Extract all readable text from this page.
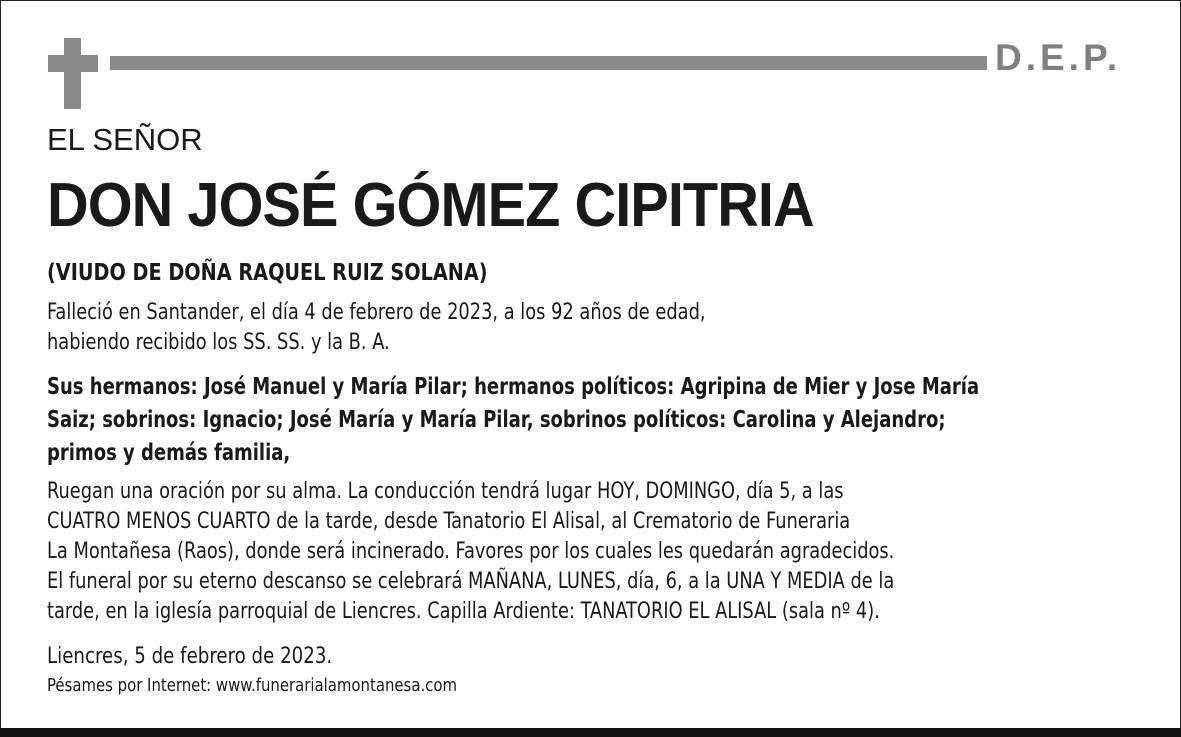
D.E.P.
EL SEÑOR
DON JOSÉ GÓMEZ CIPITRIA
(VIUDO DE DOÑA RAQUEL RUIZ SOLANA)
Falleció en Santander, el día 4 de febrero de 2023, a los 92 años de edad,
habiendo recibido los SS. SS. y la B. A.
Sus hermanos: José Manuel y María Pilar; hermanos políticos: Agripina de Mier y Jose María
Saiz; sobrinos: Ignacio; José María y María Pilar, sobrinos políticos: Carolina y Alejandro;
primos y demás familia,
Ruegan una oración por su alma. La conducción tendrá lugar HOY, DOMINGO, día 5, a las
CUATRO MENOS CUARTO de la tarde, desde Tanatorio El Alisal, al Crematorio de Funeraria
La Montañesa (Raos), donde será incinerado. Favores por los cuales les quedarán agradecidos.
El funeral por su eterno descanso se celebrará MAÑANA, LUNES, día, 6, a la UNA Y MEDIA de la
tarde, en la iglesía parroquial de Liencres. Capilla Ardiente: TANATORIO EL ALISAL (sala nº 4).
Liencres, 5 de febrero de 2023.
Pésames por Internet: www.funerarialamontanesa.com
